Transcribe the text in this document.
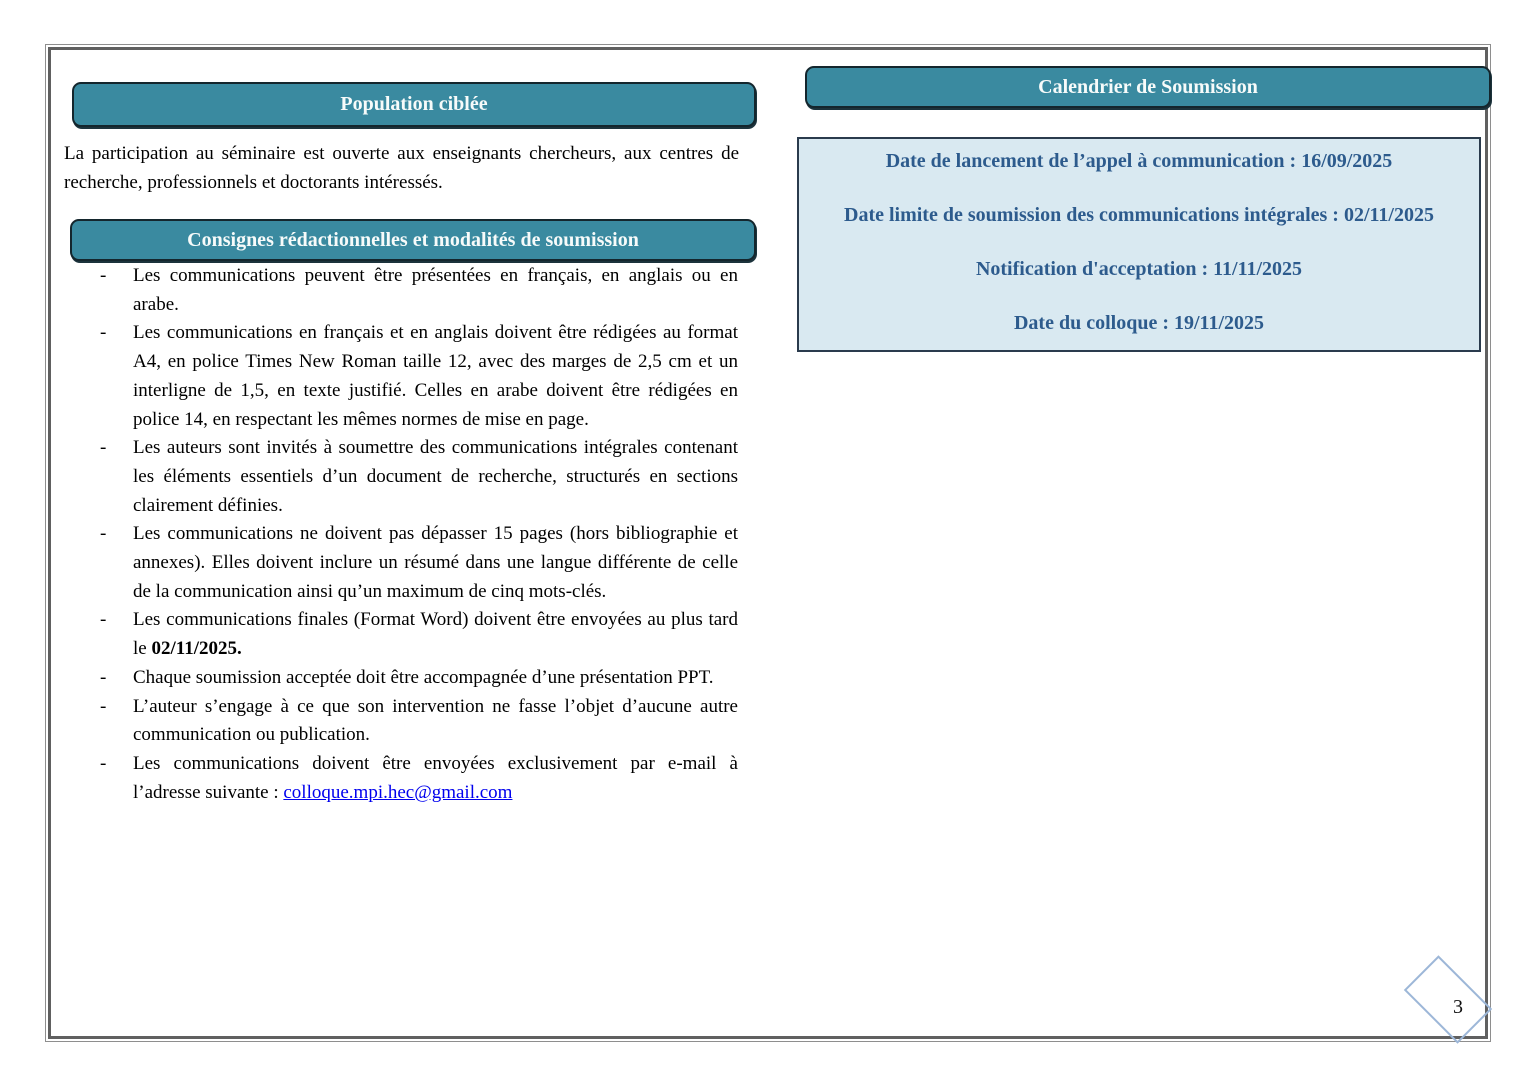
Population ciblée
La participation au séminaire est ouverte aux enseignants chercheurs, aux centres de recherche, professionnels et doctorants intéressés.
Consignes rédactionnelles et modalités de soumission
- Les communications peuvent être présentées en français, en anglais ou en arabe.
- Les communications en français et en anglais doivent être rédigées au format A4, en police Times New Roman taille 12, avec des marges de 2,5 cm et un interligne de 1,5, en texte justifié. Celles en arabe doivent être rédigées en police 14, en respectant les mêmes normes de mise en page.
- Les auteurs sont invités à soumettre des communications intégrales contenant les éléments essentiels d’un document de recherche, structurés en sections clairement définies.
- Les communications ne doivent pas dépasser 15 pages (hors bibliographie et annexes). Elles doivent inclure un résumé dans une langue différente de celle de la communication ainsi qu’un maximum de cinq mots-clés.
- Les communications finales (Format Word) doivent être envoyées au plus tard le 02/11/2025.
- Chaque soumission acceptée doit être accompagnée d’une présentation PPT.
- L’auteur s’engage à ce que son intervention ne fasse l’objet d’aucune autre communication ou publication.
- Les communications doivent être envoyées exclusivement par e-mail à l’adresse suivante : colloque.mpi.hec@gmail.com
Calendrier de Soumission

Date de lancement de l’appel à communication : 16/09/2025

Date limite de soumission des communications intégrales : 02/11/2025

Notification d'acceptation : 11/11/2025

Date du colloque : 19/11/2025

3
